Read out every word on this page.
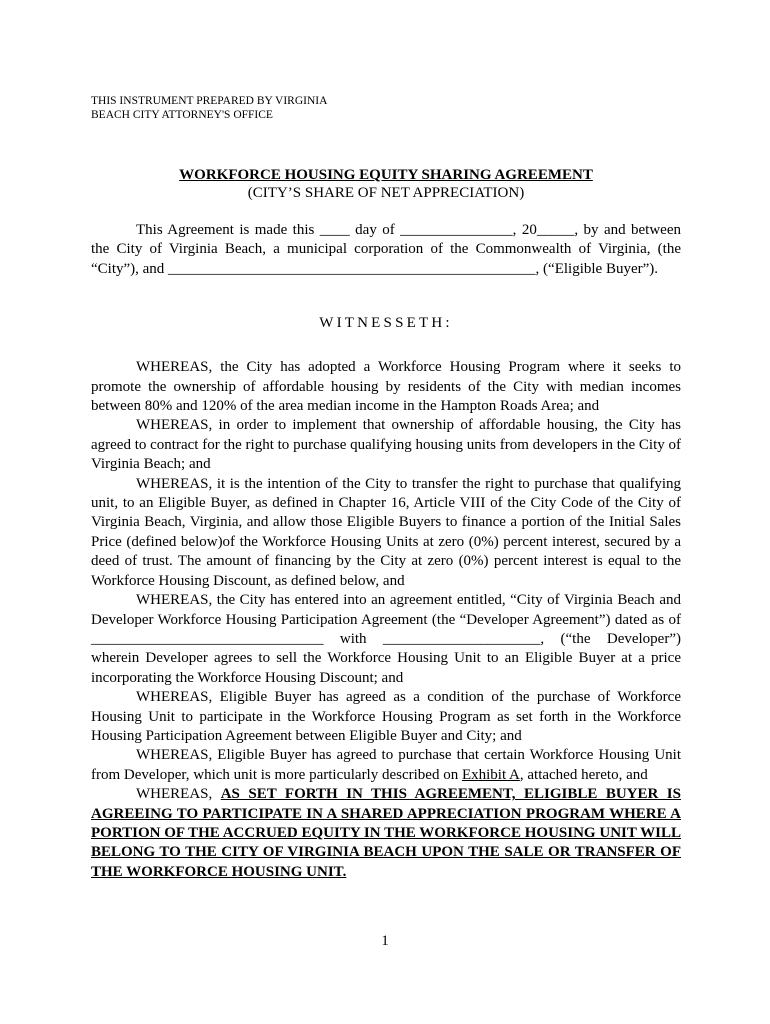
THIS INSTRUMENT PREPARED BY VIRGINIA

BEACH CITY ATTORNEY'S OFFICE

WORKFORCE HOUSING EQUITY SHARING AGREEMENT
(CITY’S SHARE OF NET APPRECIATION)

This Agreement is made this ____ day of _______________, 20_____, by and between the City of Virginia Beach, a municipal corporation of the Commonwealth of Virginia, (the “City”), and _________________________________________________, (“Eligible Buyer”).

WITNESSETH:

WHEREAS, the City has adopted a Workforce Housing Program where it seeks to promote the ownership of affordable housing by residents of the City with median incomes between 80% and 120% of the area median income in the Hampton Roads Area; and

WHEREAS, in order to implement that ownership of affordable housing, the City has agreed to contract for the right to purchase qualifying housing units from developers in the City of Virginia Beach; and

WHEREAS, it is the intention of the City to transfer the right to purchase that qualifying unit, to an Eligible Buyer, as defined in Chapter 16, Article VIII of the City Code of the City of Virginia Beach, Virginia, and allow those Eligible Buyers to finance a portion of the Initial Sales Price (defined below)of the Workforce Housing Units at zero (0%) percent interest, secured by a deed of trust. The amount of financing by the City at zero (0%) percent interest is equal to the Workforce Housing Discount, as defined below, and

WHEREAS, the City has entered into an agreement entitled, “City of Virginia Beach and Developer Workforce Housing Participation Agreement (the “Developer Agreement”) dated as of _______________________________ with _____________________, (“the Developer”) wherein Developer agrees to sell the Workforce Housing Unit to an Eligible Buyer at a price incorporating the Workforce Housing Discount; and

WHEREAS, Eligible Buyer has agreed as a condition of the purchase of Workforce Housing Unit to participate in the Workforce Housing Program as set forth in the Workforce Housing Participation Agreement between Eligible Buyer and City; and

WHEREAS, Eligible Buyer has agreed to purchase that certain Workforce Housing Unit from Developer, which unit is more particularly described on Exhibit A, attached hereto, and

WHEREAS, AS SET FORTH IN THIS AGREEMENT, ELIGIBLE BUYER IS AGREEING TO PARTICIPATE IN A SHARED APPRECIATION PROGRAM WHERE A PORTION OF THE ACCRUED EQUITY IN THE WORKFORCE HOUSING UNIT WILL BELONG TO THE CITY OF VIRGINIA BEACH UPON THE SALE OR TRANSFER OF THE WORKFORCE HOUSING UNIT.

1
